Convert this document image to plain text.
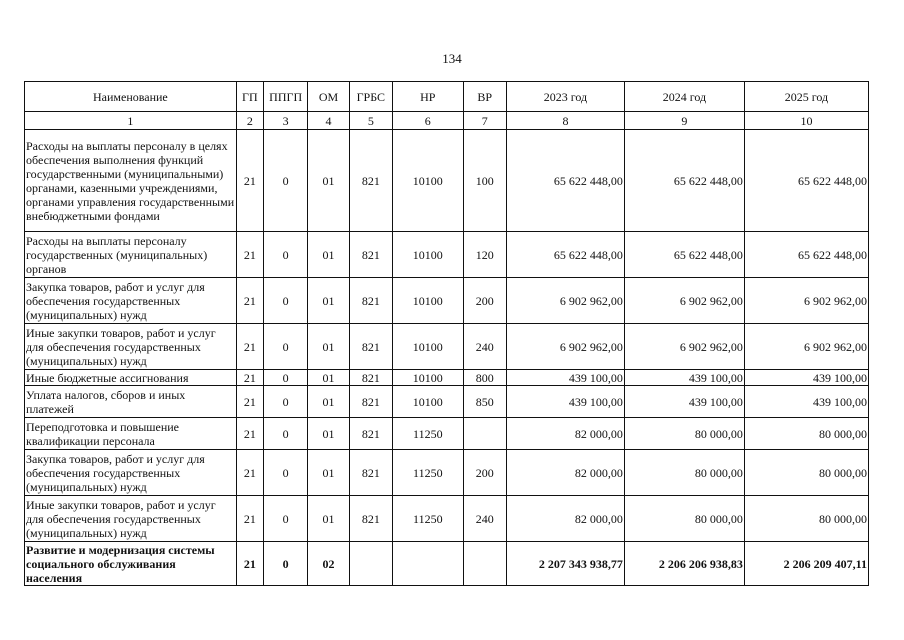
134
Наименование	ГП	ППГП	ОМ	ГРБС	НР	ВР	2023 год	2024 год	2025 год
1	2	3	4	5	6	7	8	9	10
Расходы на выплаты персоналу в целях обеспечения выполнения функций государственными (муниципальными) органами, казенными учреждениями, органами управления государственными внебюджетными фондами	21	0	01	821	10100	100	65 622 448,00	65 622 448,00	65 622 448,00
Расходы на выплаты персоналу государственных (муниципальных) органов	21	0	01	821	10100	120	65 622 448,00	65 622 448,00	65 622 448,00
Закупка товаров, работ и услуг для обеспечения государственных (муниципальных) нужд	21	0	01	821	10100	200	6 902 962,00	6 902 962,00	6 902 962,00
Иные закупки товаров, работ и услуг для обеспечения государственных (муниципальных) нужд	21	0	01	821	10100	240	6 902 962,00	6 902 962,00	6 902 962,00
Иные бюджетные ассигнования	21	0	01	821	10100	800	439 100,00	439 100,00	439 100,00
Уплата налогов, сборов и иных платежей	21	0	01	821	10100	850	439 100,00	439 100,00	439 100,00
Переподготовка и повышение квалификации персонала	21	0	01	821	11250		82 000,00	80 000,00	80 000,00
Закупка товаров, работ и услуг для обеспечения государственных (муниципальных) нужд	21	0	01	821	11250	200	82 000,00	80 000,00	80 000,00
Иные закупки товаров, работ и услуг для обеспечения государственных (муниципальных) нужд	21	0	01	821	11250	240	82 000,00	80 000,00	80 000,00
Развитие и модернизация системы социального обслуживания населения	21	0	02				2 207 343 938,77	2 206 206 938,83	2 206 209 407,11
